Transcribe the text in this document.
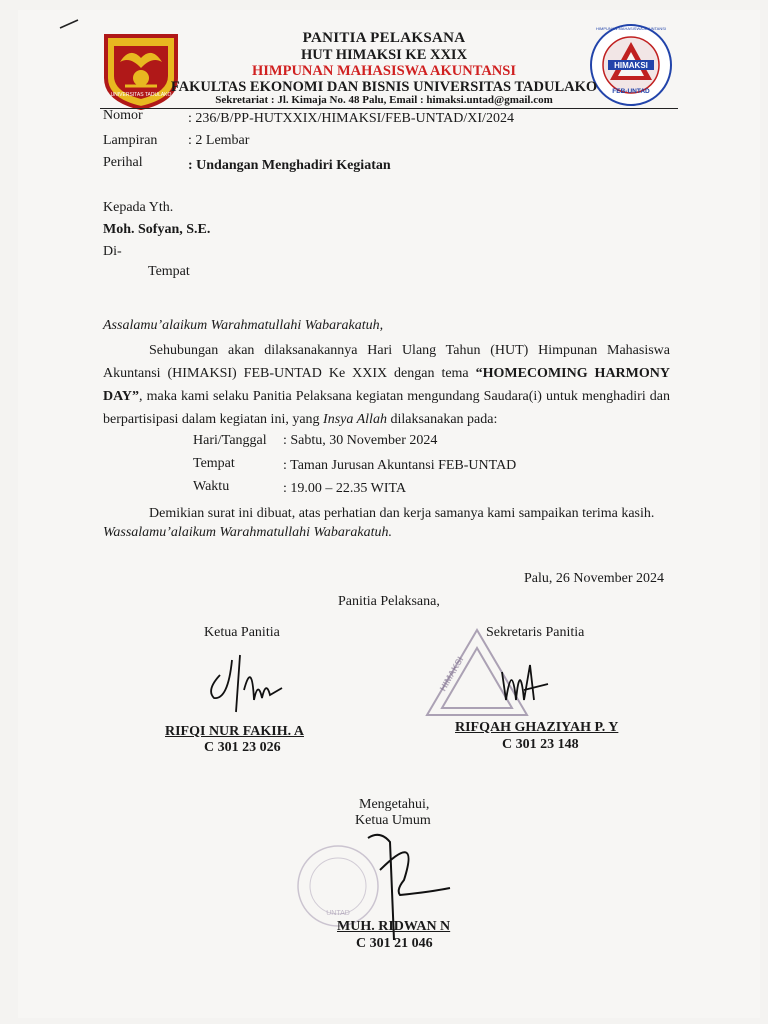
UNIVERSITAS TADULAKO
HIMAKSI
FEB-UNTAD
HIMPUNAN MAHASISWA AKUNTANSI
PANITIA PELAKSANA
HUT HIMAKSI KE XXIX
HIMPUNAN MAHASISWA AKUNTANSI
FAKULTAS EKONOMI DAN BISNIS UNIVERSITAS TADULAKO
Sekretariat : Jl. Kimaja No. 48 Palu, Email : himaksi.untad@gmail.com
Nomor	: 236/B/PP-HUTXXIX/HIMAKSI/FEB-UNTAD/XI/2024
Lampiran : 2 Lembar
Perihal	: Undangan Menghadiri Kegiatan
Kepada Yth.
Moh. Sofyan, S.E.
Di-
Tempat
Assalamu’alaikum Warahmatullahi Wabarakatuh,
Sehubungan akan dilaksanakannya Hari Ulang Tahun (HUT) Himpunan Mahasiswa Akuntansi (HIMAKSI) FEB-UNTAD Ke XXIX dengan tema “HOMECOMING HARMONY DAY”, maka kami selaku Panitia Pelaksana kegiatan mengundang Saudara(i) untuk menghadiri dan berpartisipasi dalam kegiatan ini, yang Insya Allah dilaksanakan pada:
Hari/Tanggal : Sabtu, 30 November 2024
Tempat	: Taman Jurusan Akuntansi FEB-UNTAD
Waktu	: 19.00 – 22.35 WITA
Demikian surat ini dibuat, atas perhatian dan kerja samanya kami sampaikan terima kasih.
Wassalamu’alaikum Warahmatullahi Wabarakatuh.
Palu, 26 November 2024
Panitia Pelaksana,
Ketua Panitia	Sekretaris Panitia
HIMAKSI
UNTAD
RIFQI NUR FAKIH. A
C 301 23 026
RIFQAH GHAZIYAH P. Y
C 301 23 148
Mengetahui,
Ketua Umum
MUH. RIDWAN N
C 301 21 046
